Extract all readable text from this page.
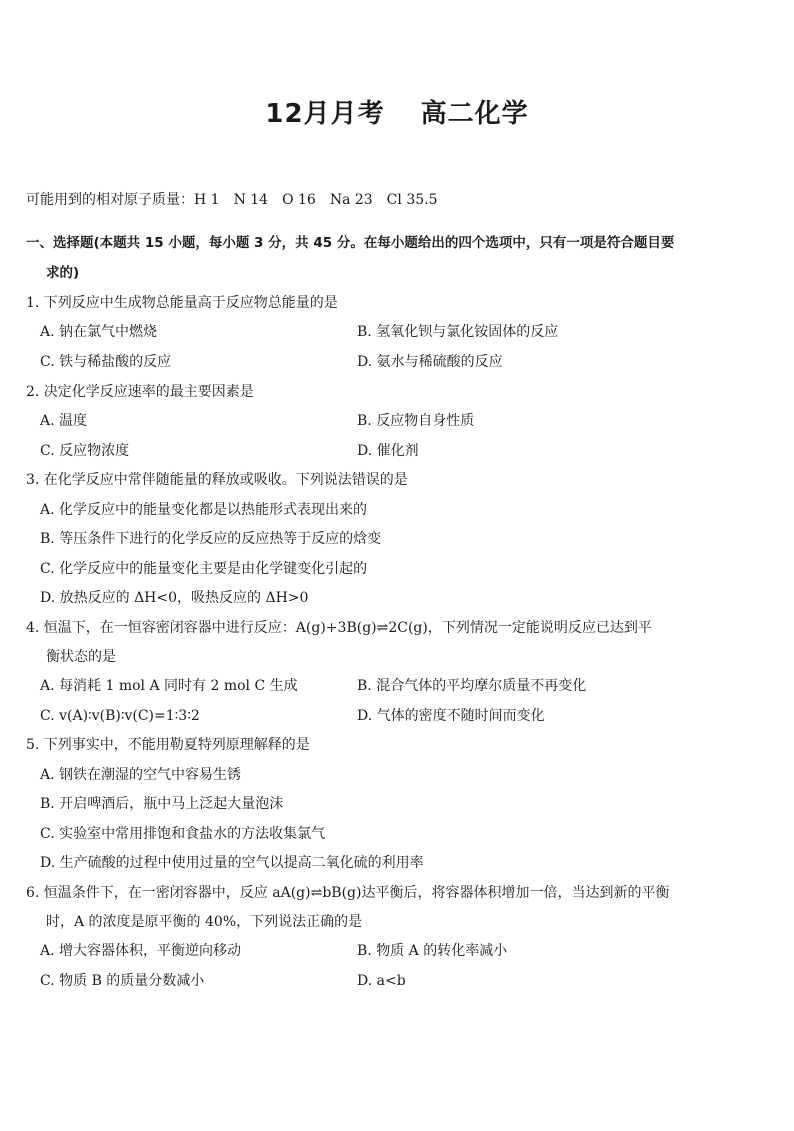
12月月考 高二化学
可能用到的相对原子质量：H 1　N 14　O 16　Na 23　Cl 35.5
一、选择题(本题共 15 小题，每小题 3 分，共 45 分。在每小题给出的四个选项中，只有一项是符合题目要
求的)
1. 下列反应中生成物总能量高于反应物总能量的是
A. 钠在氯气中燃烧	B. 氢氧化钡与氯化铵固体的反应
C. 铁与稀盐酸的反应	D. 氨水与稀硫酸的反应
2. 决定化学反应速率的最主要因素是
A. 温度	B. 反应物自身性质
C. 反应物浓度	D. 催化剂
3. 在化学反应中常伴随能量的释放或吸收。下列说法错误的是
A. 化学反应中的能量变化都是以热能形式表现出来的
B. 等压条件下进行的化学反应的反应热等于反应的焓变
C. 化学反应中的能量变化主要是由化学键变化引起的
D. 放热反应的 ΔH<0，吸热反应的 ΔH>0
4. 恒温下，在一恒容密闭容器中进行反应：A(g)+3B(g)⇌2C(g)，下列情况一定能说明反应已达到平
衡状态的是
A. 每消耗 1 mol A 同时有 2 mol C 生成	B. 混合气体的平均摩尔质量不再变化
C. v(A)∶v(B)∶v(C)=1∶3∶2	D. 气体的密度不随时间而变化
5. 下列事实中，不能用勒夏特列原理解释的是
A. 钢铁在潮湿的空气中容易生锈
B. 开启啤酒后，瓶中马上泛起大量泡沫
C. 实验室中常用排饱和食盐水的方法收集氯气
D. 生产硫酸的过程中使用过量的空气以提高二氧化硫的利用率
6. 恒温条件下，在一密闭容器中，反应 aA(g)⇌bB(g)达平衡后，将容器体积增加一倍，当达到新的平衡
时，A 的浓度是原平衡的 40%，下列说法正确的是
A. 增大容器体积，平衡逆向移动	B. 物质 A 的转化率减小
C. 物质 B 的质量分数减小	D. a<b
